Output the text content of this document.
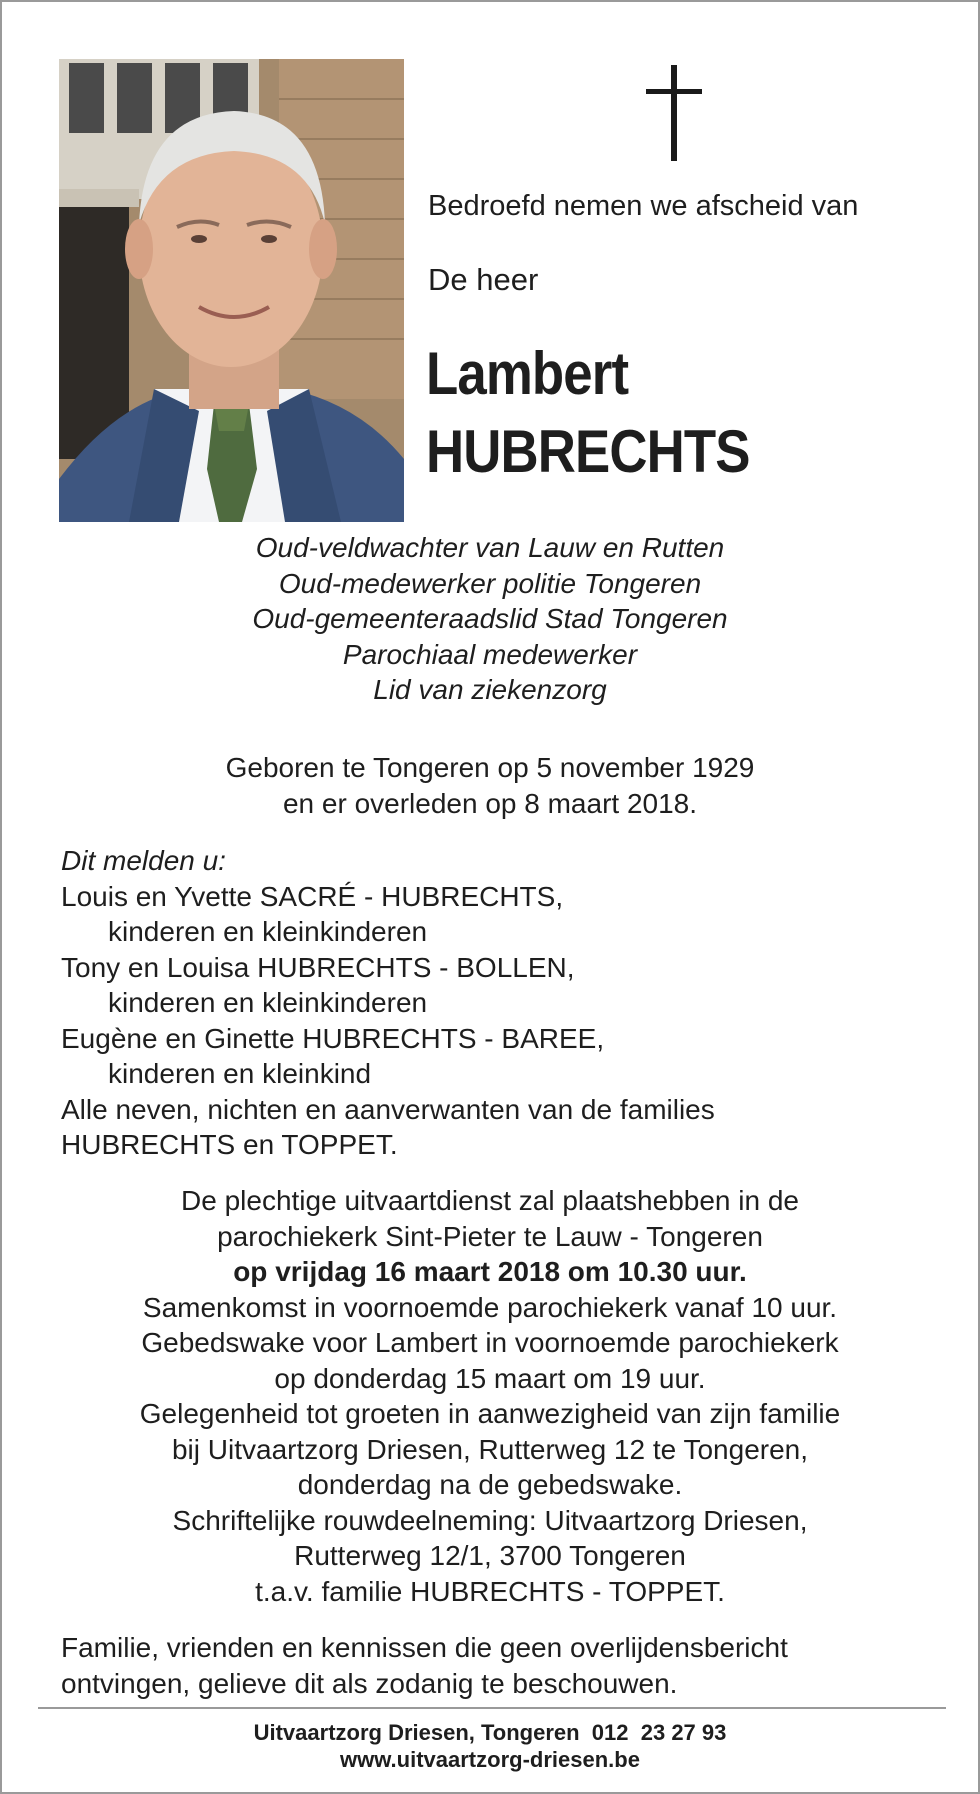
Bedroefd nemen we afscheid van
De heer
Lambert
HUBRECHTS
Oud-veldwachter van Lauw en Rutten
Oud-medewerker politie Tongeren
Oud-gemeenteraadslid Stad Tongeren
Parochiaal medewerker
Lid van ziekenzorg
Geboren te Tongeren op 5 november 1929
en er overleden op 8 maart 2018.
Dit melden u:
Louis en Yvette SACRÉ - HUBRECHTS,
kinderen en kleinkinderen
Tony en Louisa HUBRECHTS - BOLLEN,
kinderen en kleinkinderen
Eugène en Ginette HUBRECHTS - BAREE,
kinderen en kleinkind
Alle neven, nichten en aanverwanten van de families
HUBRECHTS en TOPPET.
De plechtige uitvaartdienst zal plaatshebben in de
parochiekerk Sint-Pieter te Lauw - Tongeren
op vrijdag 16 maart 2018 om 10.30 uur.
Samenkomst in voornoemde parochiekerk vanaf 10 uur.
Gebedswake voor Lambert in voornoemde parochiekerk
op donderdag 15 maart om 19 uur.
Gelegenheid tot groeten in aanwezigheid van zijn familie
bij Uitvaartzorg Driesen, Rutterweg 12 te Tongeren,
donderdag na de gebedswake.
Schriftelijke rouwdeelneming: Uitvaartzorg Driesen,
Rutterweg 12/1, 3700 Tongeren
t.a.v. familie HUBRECHTS - TOPPET.
Familie, vrienden en kennissen die geen overlijdensbericht
ontvingen, gelieve dit als zodanig te beschouwen.
Uitvaartzorg Driesen, Tongeren  012  23 27 93
www.uitvaartzorg-driesen.be
